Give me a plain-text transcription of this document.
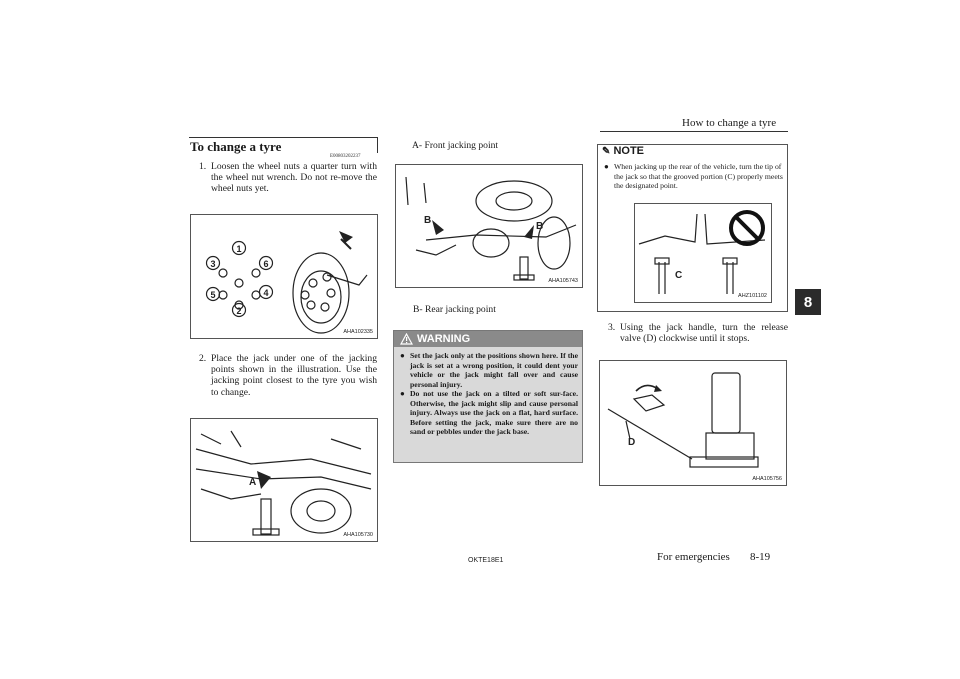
How to change a tyre
8
To change a tyre
E00803202237
1. Loosen the wheel nuts a quarter turn with the wheel nut wrench. Do not re-move the wheel nuts yet.
1
2
3
4
5
6
AHA102335
2. Place the jack under one of the jacking points shown in the illustration. Use the jacking point closest to the tyre you wish to change.
A
AHA105730
A- Front jacking point
B
B
AHA105743
B- Rear jacking point
WARNING
● Set the jack only at the positions shown here. If the jack is set at a wrong position, it could dent your vehicle or the jack might fall over and cause personal injury.
● Do not use the jack on a tilted or soft sur-face. Otherwise, the jack might slip and cause personal injury. Always use the jack on a flat, hard surface. Before setting the jack, make sure there are no sand or pebbles under the jack base.
✎ NOTE
● When jacking up the rear of the vehicle, turn the tip of the jack so that the grooved portion (C) properly meets the designated point.
C
AHZ101102
3. Using the jack handle, turn the release valve (D) clockwise until it stops.
D
AHA105756
OKTE18E1	For emergencies 8-19
